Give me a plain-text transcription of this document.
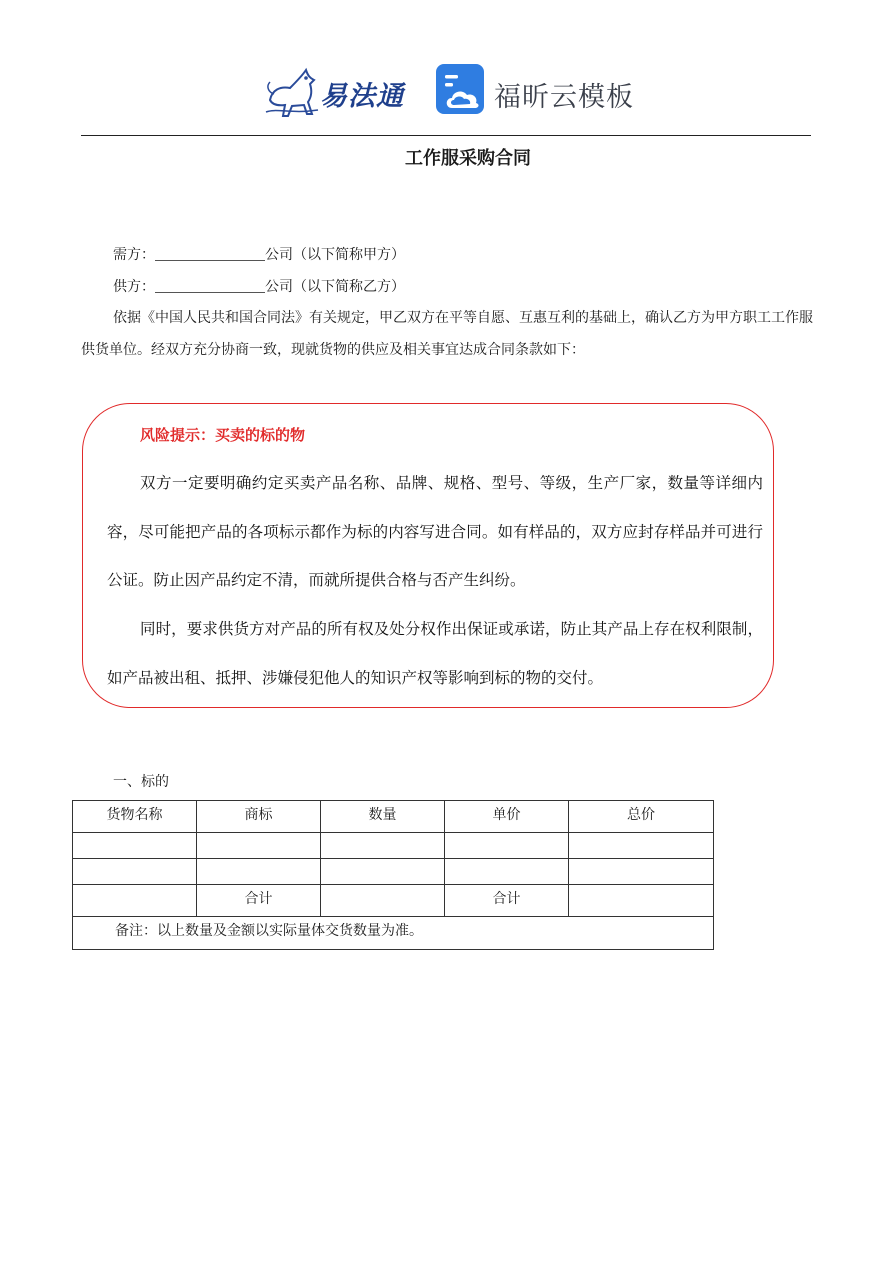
易法通	福昕云模板
工作服采购合同
需方：	公司（以下简称甲方）
供方：	公司（以下简称乙方）
依据《中国人民共和国合同法》有关规定，甲乙双方在平等自愿、互惠互利的基础上，确认乙方为甲方职工工作服供货单位。经双方充分协商一致，现就货物的供应及相关事宜达成合同条款如下：
风险提示：买卖的标的物
双方一定要明确约定买卖产品名称、品牌、规格、型号、等级，生产厂家，数量等详细内容，尽可能把产品的各项标示都作为标的内容写进合同。如有样品的，双方应封存样品并可进行公证。防止因产品约定不清，而就所提供合格与否产生纠纷。
同时，要求供货方对产品的所有权及处分权作出保证或承诺，防止其产品上存在权利限制，如产品被出租、抵押、涉嫌侵犯他人的知识产权等影响到标的物的交付。
一、标的
货物名称	商标	数量	单价	总价

	合计		合计	

备注：以上数量及金额以实际量体交货数量为准。				
